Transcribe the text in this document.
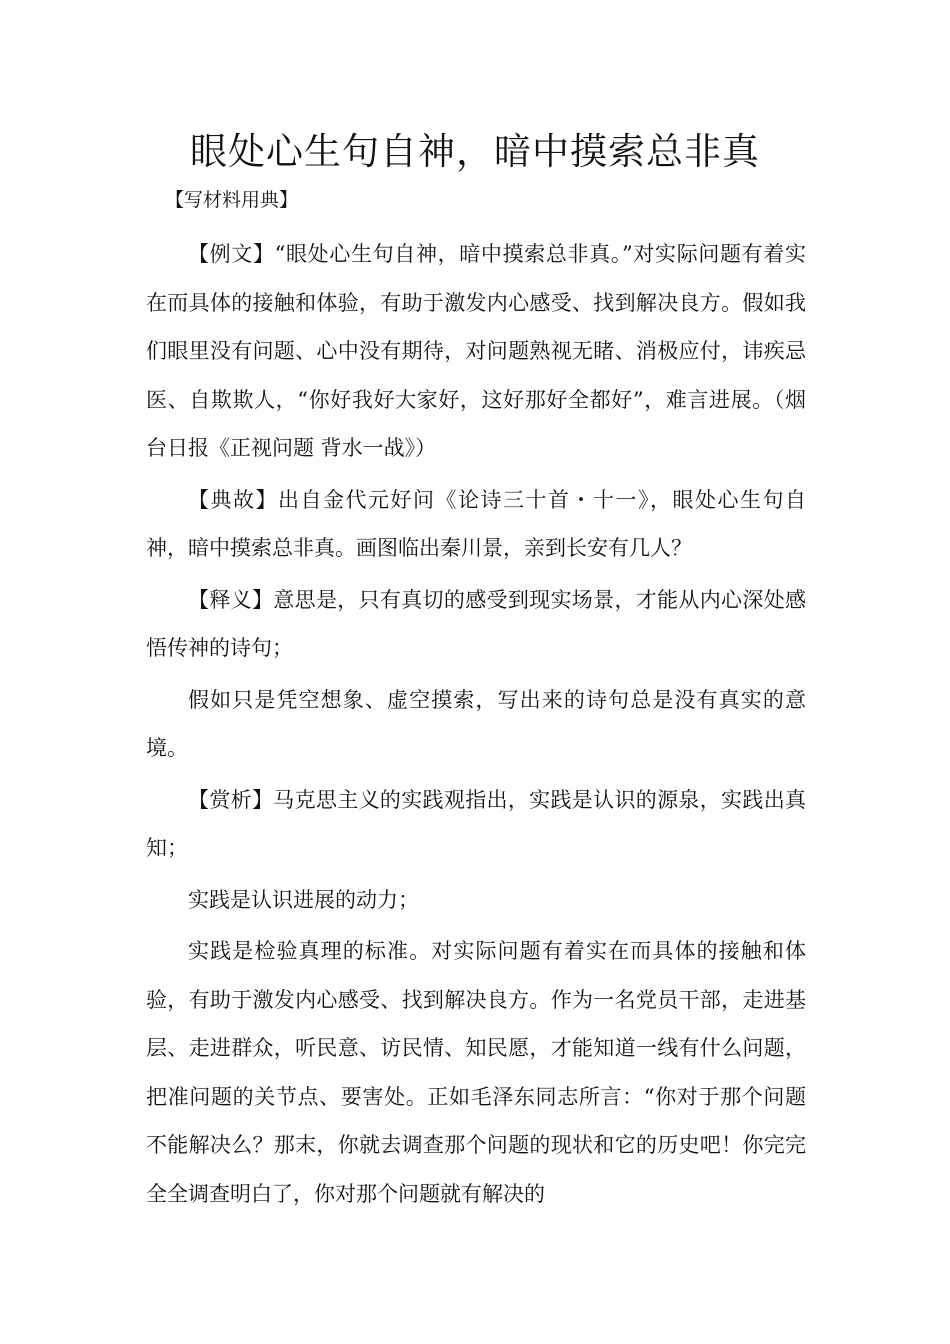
眼处心生句自神，暗中摸索总非真

【写材料用典】

【例文】“眼处心生句自神，暗中摸索总非真。”对实际问题有着实在而具体的接触和体验，有助于激发内心感受、找到解决良方。假如我们眼里没有问题、心中没有期待，对问题熟视无睹、消极应付，讳疾忌医、自欺欺人，“你好我好大家好，这好那好全都好”，难言进展。（烟台日报《正视问题 背水一战》）

【典故】出自金代元好问《论诗三十首・十一》，眼处心生句自神，暗中摸索总非真。画图临出秦川景，亲到长安有几人？

【释义】意思是，只有真切的感受到现实场景，才能从内心深处感悟传神的诗句；

假如只是凭空想象、虚空摸索，写出来的诗句总是没有真实的意境。

【赏析】马克思主义的实践观指出，实践是认识的源泉，实践出真知；

实践是认识进展的动力；

实践是检验真理的标准。对实际问题有着实在而具体的接触和体验，有助于激发内心感受、找到解决良方。作为一名党员干部，走进基层、走进群众，听民意、访民情、知民愿，才能知道一线有什么问题，把准问题的关节点、要害处。正如毛泽东同志所言：“你对于那个问题不能解决么？那末，你就去调查那个问题的现状和它的历史吧！你完完全全调查明白了，你对那个问题就有解决的
